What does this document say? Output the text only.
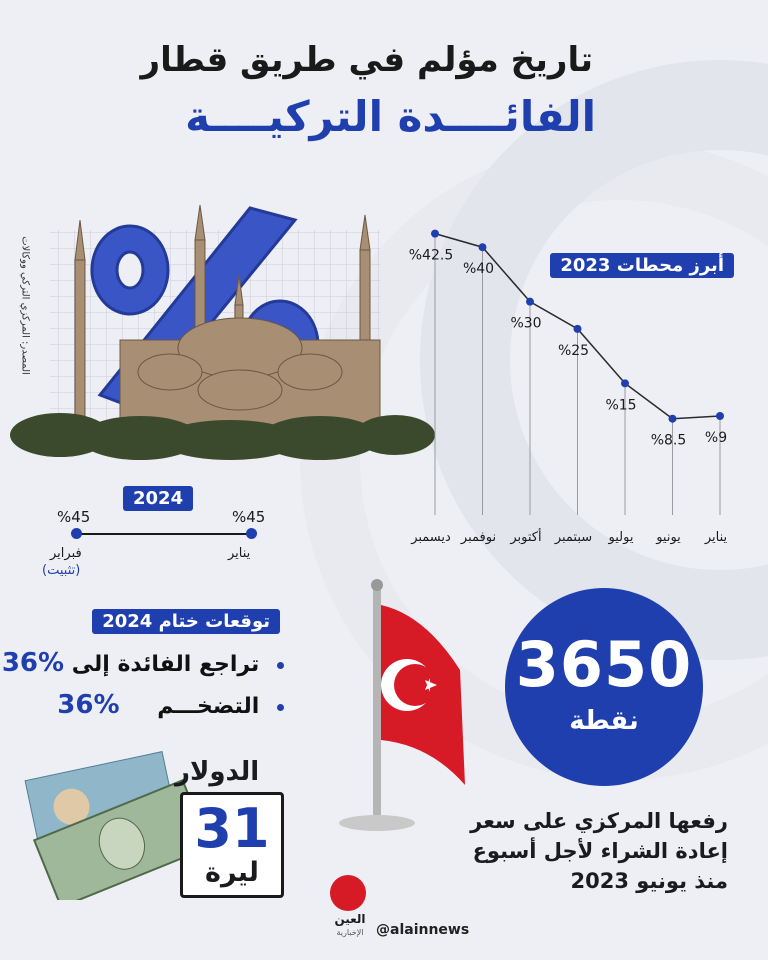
تاريخ مؤلم في طريق قطار
الفائــــدة التركيــــة
المصدر: المركزي التركي ووكالات	%42.5
ديسمبر
%40
نوفمبر
%30
أكتوبر
%25
سبتمبر
%15
يوليو
%8.5
يونيو
%9
يناير
أبرز محطات 2023
2024
%45	%45
فبراير
(تثبيت)
يناير
توقعات ختام 2024
36% تراجع الفائدة إلى
36% التضخـــم
3650
نقطة
رفعها المركزي على سعر
إعادة الشراء لأجل أسبوع
منذ يونيو 2023
الدولار
31
ليرة
العين
الإخبارية @alainnews
